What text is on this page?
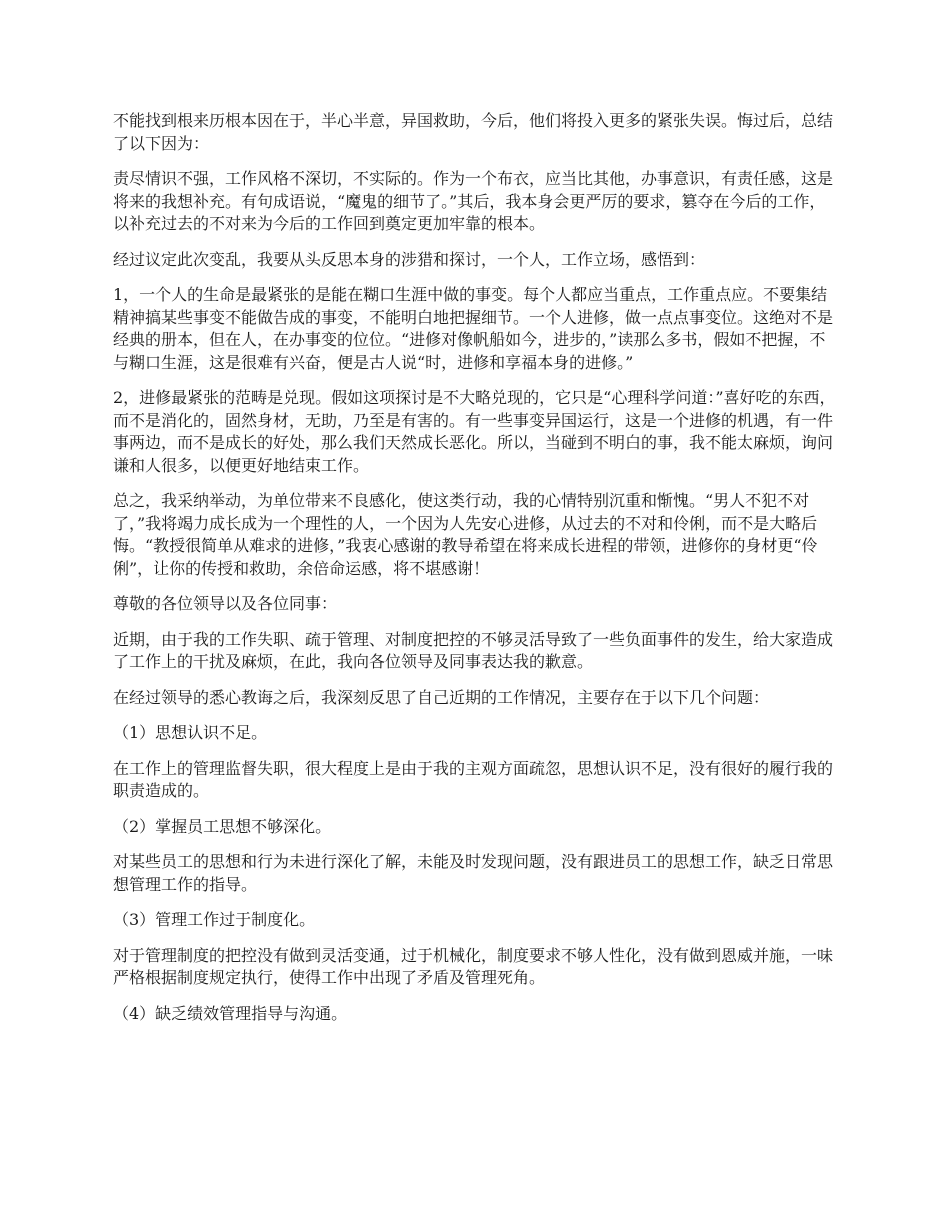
不能找到根来历根本因在于，半心半意，异国救助，今后，他们将投入更多的紧张失误。悔过后，总结了以下因为：

责尽情识不强，工作风格不深切，不实际的。作为一个布衣，应当比其他，办事意识，有责任感，这是将来的我想补充。有句成语说，“魔鬼的细节了。”其后，我本身会更严厉的要求，篡夺在今后的工作，以补充过去的不对来为今后的工作回到奠定更加牢靠的根本。

经过议定此次变乱，我要从头反思本身的涉猎和探讨，一个人，工作立场，感悟到：

1，一个人的生命是最紧张的是能在糊口生涯中做的事变。每个人都应当重点，工作重点应。不要集结精神搞某些事变不能做告成的事变，不能明白地把握细节。一个人进修，做一点点事变位。这绝对不是经典的册本，但在人，在办事变的位位。“进修对像帆船如今，进步的，”读那么多书，假如不把握，不与糊口生涯，这是很难有兴奋，便是古人说“时，进修和享福本身的进修。”

2，进修最紧张的范畴是兑现。假如这项探讨是不大略兑现的，它只是“心理科学问道：”喜好吃的东西，而不是消化的，固然身材，无助，乃至是有害的。有一些事变异国运行，这是一个进修的机遇，有一件事两边，而不是成长的好处，那么我们天然成长恶化。所以，当碰到不明白的事，我不能太麻烦，询问谦和人很多，以便更好地结束工作。

总之，我采纳举动，为单位带来不良感化，使这类行动，我的心情特别沉重和惭愧。“男人不犯不对了，”我将竭力成长成为一个理性的人，一个因为人先安心进修，从过去的不对和伶俐，而不是大略后悔。“教授很简单从难求的进修，”我衷心感谢的教导希望在将来成长进程的带领，进修你的身材更“伶俐”，让你的传授和救助，余倍命运感，将不堪感谢！

尊敬的各位领导以及各位同事：

近期，由于我的工作失职、疏于管理、对制度把控的不够灵活导致了一些负面事件的发生，给大家造成了工作上的干扰及麻烦，在此，我向各位领导及同事表达我的歉意。

在经过领导的悉心教诲之后，我深刻反思了自己近期的工作情况，主要存在于以下几个问题：

（1）思想认识不足。

在工作上的管理监督失职，很大程度上是由于我的主观方面疏忽，思想认识不足，没有很好的履行我的职责造成的。

（2）掌握员工思想不够深化。

对某些员工的思想和行为未进行深化了解，未能及时发现问题，没有跟进员工的思想工作，缺乏日常思想管理工作的指导。

（3）管理工作过于制度化。

对于管理制度的把控没有做到灵活变通，过于机械化，制度要求不够人性化，没有做到恩威并施，一味严格根据制度规定执行，使得工作中出现了矛盾及管理死角。

（4）缺乏绩效管理指导与沟通。
